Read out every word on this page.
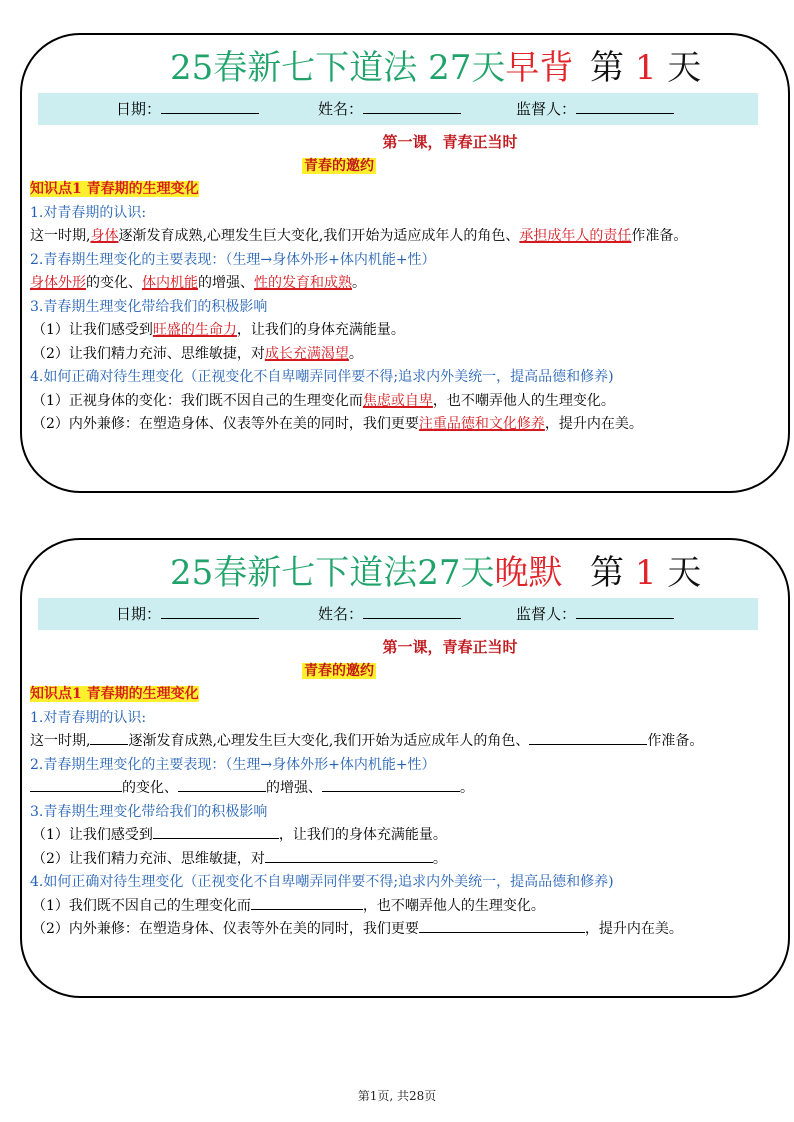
25春新七下道法 27天早背 第 1 天
日期：	姓名：	监督人：
第一课，青春正当时
青春的邀约
知识点1 青春期的生理变化
1.对青春期的认识:
这一时期,身体逐渐发育成熟,心理发生巨大变化,我们开始为适应成年人的角色、承担成年人的责任作准备。
2.青春期生理变化的主要表现：（生理→身体外形+体内机能+性）
身体外形的变化、体内机能的增强、性的发育和成熟。
3.青春期生理变化带给我们的积极影响
（1）让我们感受到旺盛的生命力，让我们的身体充满能量。
（2）让我们精力充沛、思维敏捷，对成长充满渴望。
4.如何正确对待生理变化（正视变化不自卑嘲弄同伴要不得;追求内外美统一，提高品德和修养)
（1）正视身体的变化：我们既不因自己的生理变化而焦虑或自卑，也不嘲弄他人的生理变化。
（2）内外兼修：在塑造身体、仪表等外在美的同时，我们更要注重品德和文化修养，提升内在美。
25春新七下道法27天晚默 第 1 天
日期：	姓名：	监督人：
第一课，青春正当时
青春的邀约
知识点1 青春期的生理变化
1.对青春期的认识:
这一时期,	逐渐发育成熟,心理发生巨大变化,我们开始为适应成年人的角色、	作准备。
2.青春期生理变化的主要表现：（生理→身体外形+体内机能+性）
的变化、	的增强、	。
3.青春期生理变化带给我们的积极影响
（1）让我们感受到	，让我们的身体充满能量。
（2）让我们精力充沛、思维敏捷，对	。
4.如何正确对待生理变化（正视变化不自卑嘲弄同伴要不得;追求内外美统一，提高品德和修养)
（1）我们既不因自己的生理变化而	，也不嘲弄他人的生理变化。
（2）内外兼修：在塑造身体、仪表等外在美的同时，我们更要	，提升内在美。
第1页, 共28页
